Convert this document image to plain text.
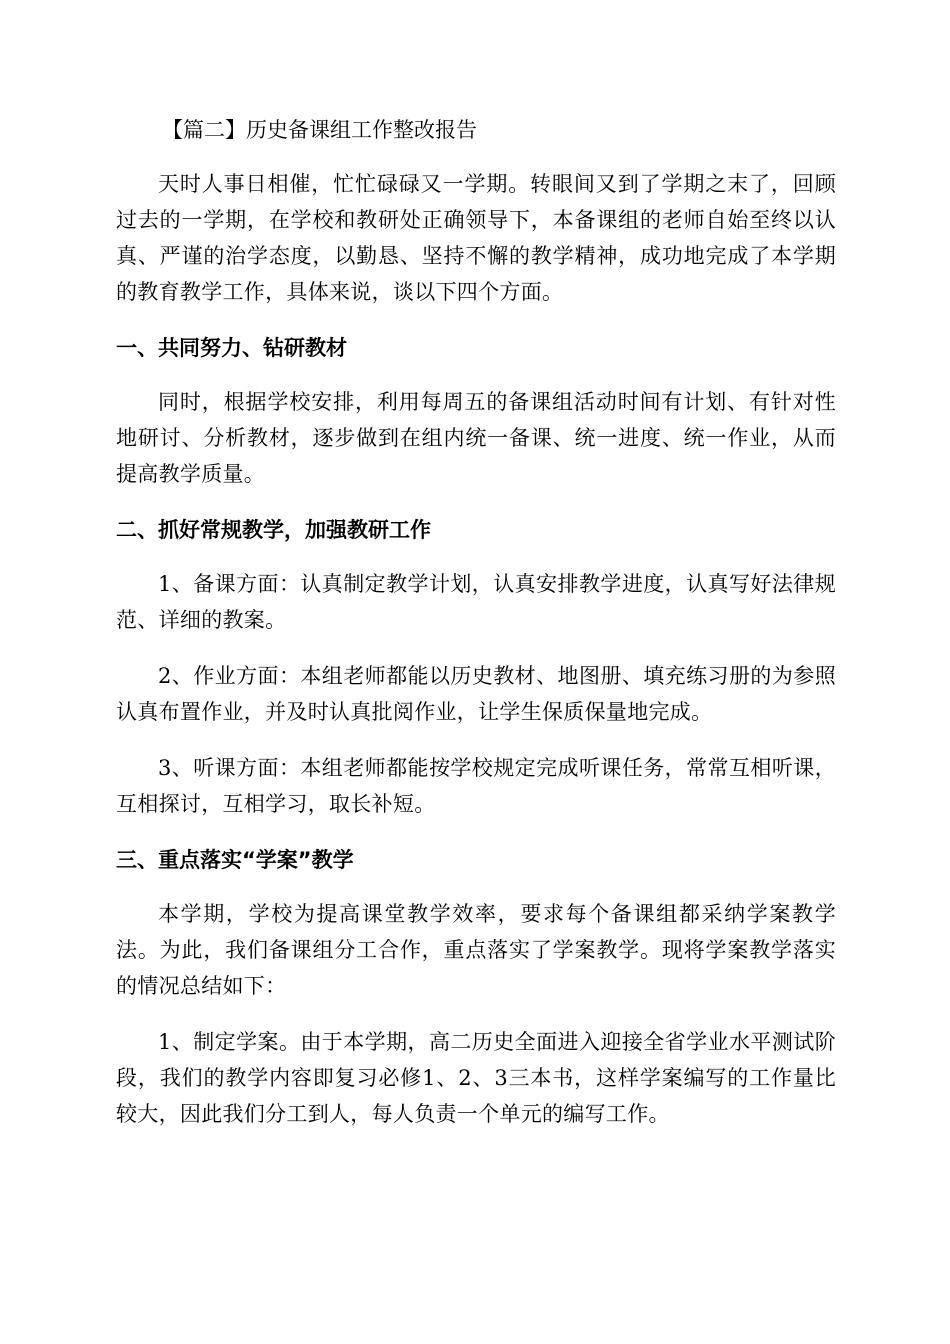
【篇二】历史备课组工作整改报告

天时人事日相催，忙忙碌碌又一学期。转眼间又到了学期之末了，回顾过去的一学期，在学校和教研处正确领导下，本备课组的老师自始至终以认真、严谨的治学态度，以勤恳、坚持不懈的教学精神，成功地完成了本学期的教育教学工作，具体来说，谈以下四个方面。

一、共同努力、钻研教材

同时，根据学校安排，利用每周五的备课组活动时间有计划、有针对性地研讨、分析教材，逐步做到在组内统一备课、统一进度、统一作业，从而提高教学质量。

二、抓好常规教学，加强教研工作

1、备课方面：认真制定教学计划，认真安排教学进度，认真写好法律规范、详细的教案。

2、作业方面：本组老师都能以历史教材、地图册、填充练习册的为参照认真布置作业，并及时认真批阅作业，让学生保质保量地完成。

3、听课方面：本组老师都能按学校规定完成听课任务，常常互相听课，互相探讨，互相学习，取长补短。

三、重点落实“学案”教学

本学期，学校为提高课堂教学效率，要求每个备课组都采纳学案教学法。为此，我们备课组分工合作，重点落实了学案教学。现将学案教学落实的情况总结如下：

1、制定学案。由于本学期，高二历史全面进入迎接全省学业水平测试阶段，我们的教学内容即复习必修1、2、3三本书，这样学案编写的工作量比较大，因此我们分工到人，每人负责一个单元的编写工作。
